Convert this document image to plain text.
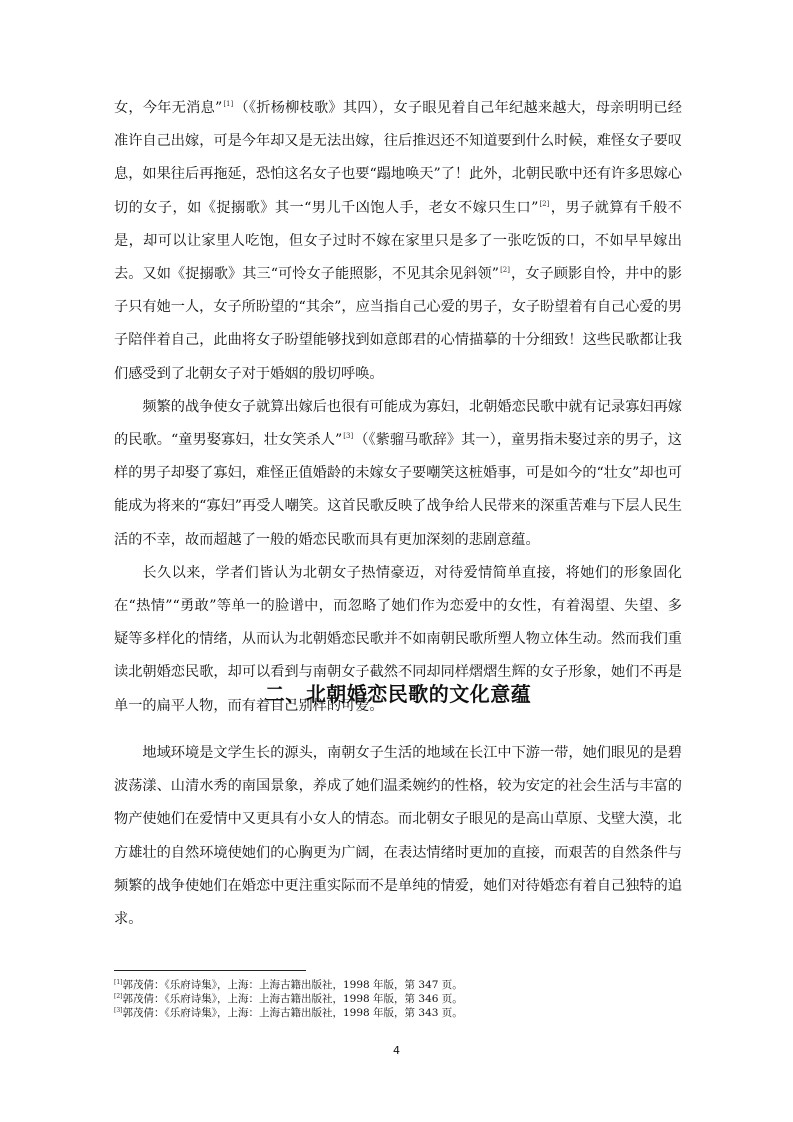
女，今年无消息”[1]（《折杨柳枝歌》其四），女子眼见着自己年纪越来越大，母亲明明已经准许自己出嫁，可是今年却又是无法出嫁，往后推迟还不知道要到什么时候，难怪女子要叹息，如果往后再拖延，恐怕这名女子也要“蹋地唤天”了！此外，北朝民歌中还有许多思嫁心切的女子，如《捉搦歌》其一“男儿千凶饱人手，老女不嫁只生口”[2]，男子就算有千般不是，却可以让家里人吃饱，但女子过时不嫁在家里只是多了一张吃饭的口，不如早早嫁出去。又如《捉搦歌》其三“可怜女子能照影，不见其余见斜领”[2]，女子顾影自怜，井中的影子只有她一人，女子所盼望的“其余”，应当指自己心爱的男子，女子盼望着有自己心爱的男子陪伴着自己，此曲将女子盼望能够找到如意郎君的心情描摹的十分细致！这些民歌都让我们感受到了北朝女子对于婚姻的殷切呼唤。

频繁的战争使女子就算出嫁后也很有可能成为寡妇，北朝婚恋民歌中就有记录寡妇再嫁的民歌。“童男娶寡妇，壮女笑杀人”[3]（《紫骝马歌辞》其一），童男指未娶过亲的男子，这样的男子却娶了寡妇，难怪正值婚龄的未嫁女子要嘲笑这桩婚事，可是如今的“壮女”却也可能成为将来的“寡妇”再受人嘲笑。这首民歌反映了战争给人民带来的深重苦难与下层人民生活的不幸，故而超越了一般的婚恋民歌而具有更加深刻的悲剧意蕴。

长久以来，学者们皆认为北朝女子热情豪迈，对待爱情简单直接，将她们的形象固化在“热情”“勇敢”等单一的脸谱中，而忽略了她们作为恋爱中的女性，有着渴望、失望、多疑等多样化的情绪，从而认为北朝婚恋民歌并不如南朝民歌所塑人物立体生动。然而我们重读北朝婚恋民歌，却可以看到与南朝女子截然不同却同样熠熠生辉的女子形象，她们不再是单一的扁平人物，而有着自己别样的可爱。

二、北朝婚恋民歌的文化意蕴

地域环境是文学生长的源头，南朝女子生活的地域在长江中下游一带，她们眼见的是碧波荡漾、山清水秀的南国景象，养成了她们温柔婉约的性格，较为安定的社会生活与丰富的物产使她们在爱情中又更具有小女人的情态。而北朝女子眼见的是高山草原、戈壁大漠，北方雄壮的自然环境使她们的心胸更为广阔，在表达情绪时更加的直接，而艰苦的自然条件与频繁的战争使她们在婚恋中更注重实际而不是单纯的情爱，她们对待婚恋有着自己独特的追求。

[1]郭茂倩：《乐府诗集》，上海：上海古籍出版社，1998 年版，第 347 页。
[2]郭茂倩：《乐府诗集》，上海：上海古籍出版社，1998 年版，第 346 页。
[3]郭茂倩：《乐府诗集》，上海：上海古籍出版社，1998 年版，第 343 页。
4
